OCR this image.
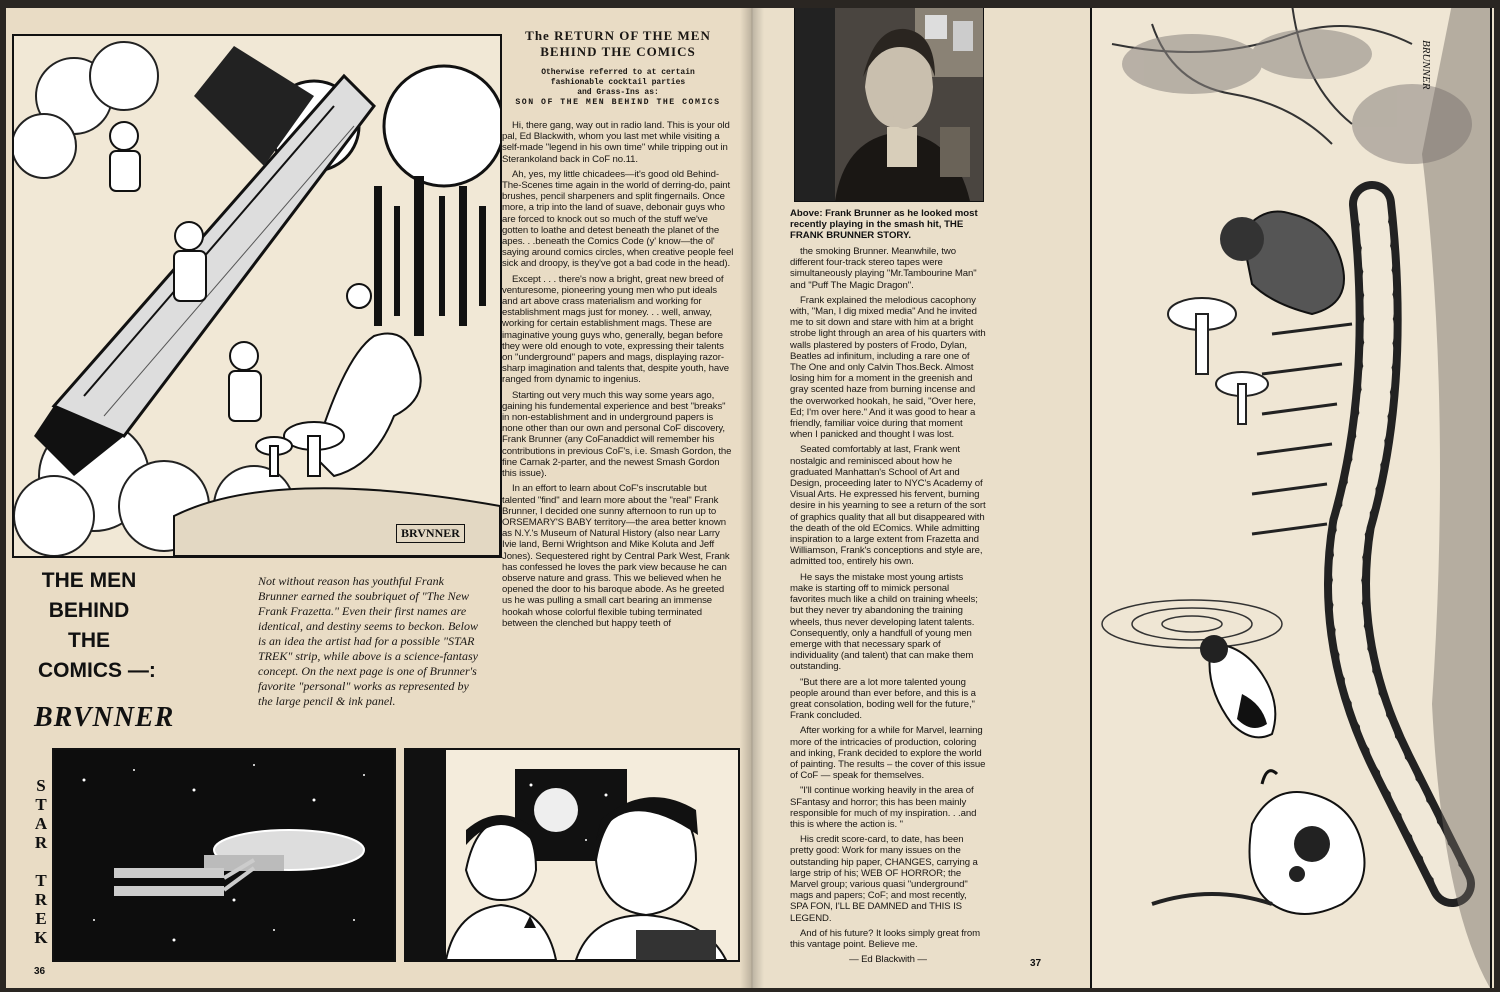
BRVNNER
THE MEN
BEHIND
THE
COMICS —:
BRVNNER
Not without reason has youthful Frank Brunner earned the soubriquet of "The New Frank Frazetta." Even their first names are identical, and destiny seems to beckon. Below is an idea the artist had for a possible "STAR TREK" strip, while above is a science-fantasy concept. On the next page is one of Brunner's favorite "personal" works as represented by the large pencil & ink panel.
S
T
A
R
T
R
E
K
36
The RETURN OF THE MEN
BEHIND THE COMICS
Otherwise referred to at certain
fashionable cocktail parties
and Grass-Ins as:
SON OF THE MEN BEHIND THE COMICS

Hi, there gang, way out in radio land. This is your old pal, Ed Blackwith, whom you last met while visiting a self-made "legend in his own time" while tripping out in Sterankoland back in CoF no.11.

Ah, yes, my little chicadees—it's good old Behind-The-Scenes time again in the world of derring-do, paint brushes, pencil sharpeners and split fingernails. Once more, a trip into the land of suave, debonair guys who are forced to knock out so much of the stuff we've gotten to loathe and detest beneath the planet of the apes. . .beneath the Comics Code (y' know—the ol' saying around comics circles, when creative people feel sick and droopy, is they've got a bad code in the head).

Except . . . there's now a bright, great new breed of venturesome, pioneering young men who put ideals and art above crass materialism and working for establishment mags just for money. . . well, anway, working for certain establishment mags. These are imaginative young guys who, generally, began before they were old enough to vote, expressing their talents on "underground" papers and mags, displaying razor-sharp imagination and talents that, despite youth, have ranged from dynamic to ingenius.

Starting out very much this way some years ago, gaining his fundemental experience and best "breaks" in non-establishment and in underground papers is none other than our own and personal CoF discovery, Frank Brunner (any CoFanaddict will remember his contributions in previous CoF's, i.e. Smash Gordon, the fine Carnak 2-parter, and the newest Smash Gordon this issue).

In an effort to learn about CoF's inscrutable but talented "find" and learn more about the "real" Frank Brunner, I decided one sunny afternoon to run up to ORSEMARY'S BABY territory—the area better known as N.Y.'s Museum of Natural History (also near Larry Ivie land, Berni Wrightson and Mike Koluta and Jeff Jones). Sequestered right by Central Park West, Frank has confessed he loves the park view because he can observe nature and grass. This we believed when he opened the door to his baroque abode. As he greeted us he was pulling a small cart bearing an immense hookah whose colorful flexible tubing terminated between the clenched but happy teeth of

Above: Frank Brunner as he looked most recently playing in the smash hit, THE FRANK BRUNNER STORY.
BRUNNER
37

the smoking Brunner. Meanwhile, two different four-track stereo tapes were simultaneously playing "Mr.Tambourine Man" and "Puff The Magic Dragon".

Frank explained the melodious cacophony with, "Man, I dig mixed media" And he invited me to sit down and stare with him at a bright strobe light through an area of his quarters with walls plastered by posters of Frodo, Dylan, Beatles ad infinitum, including a rare one of The One and only Calvin Thos.Beck. Almost losing him for a moment in the greenish and gray scented haze from burning incense and the overworked hookah, he said, "Over here, Ed; I'm over here." And it was good to hear a friendly, familiar voice during that moment when I panicked and thought I was lost.

Seated comfortably at last, Frank went nostalgic and reminisced about how he graduated Manhattan's School of Art and Design, proceeding later to NYC's Academy of Visual Arts. He expressed his fervent, burning desire in his yearning to see a return of the sort of graphics quality that all but disappeared with the death of the old EComics. While admitting inspiration to a large extent from Frazetta and Williamson, Frank's conceptions and style are, admitted too, entirely his own.

He says the mistake most young artists make is starting off to mimick personal favorites much like a child on training wheels; but they never try abandoning the training wheels, thus never developing latent talents. Consequently, only a handfull of young men emerge with that necessary spark of individuality (and talent) that can make them outstanding.

"But there are a lot more talented young people around than ever before, and this is a great consolation, boding well for the future," Frank concluded.

After working for a while for Marvel, learning more of the intricacies of production, coloring and inking, Frank decided to explore the world of painting. The results – the cover of this issue of CoF — speak for themselves.

"I'll continue working heavily in the area of SFantasy and horror; this has been mainly responsible for much of my inspiration. . .and this is where the action is. "

His credit score-card, to date, has been pretty good: Work for many issues on the outstanding hip paper, CHANGES, carrying a large strip of his; WEB OF HORROR; the Marvel group; various quasi "underground" mags and papers; CoF; and most recently, SPA FON, I'LL BE DAMNED and THIS IS LEGEND.

And of his future? It looks simply great from this vantage point. Believe me.

— Ed Blackwith —
